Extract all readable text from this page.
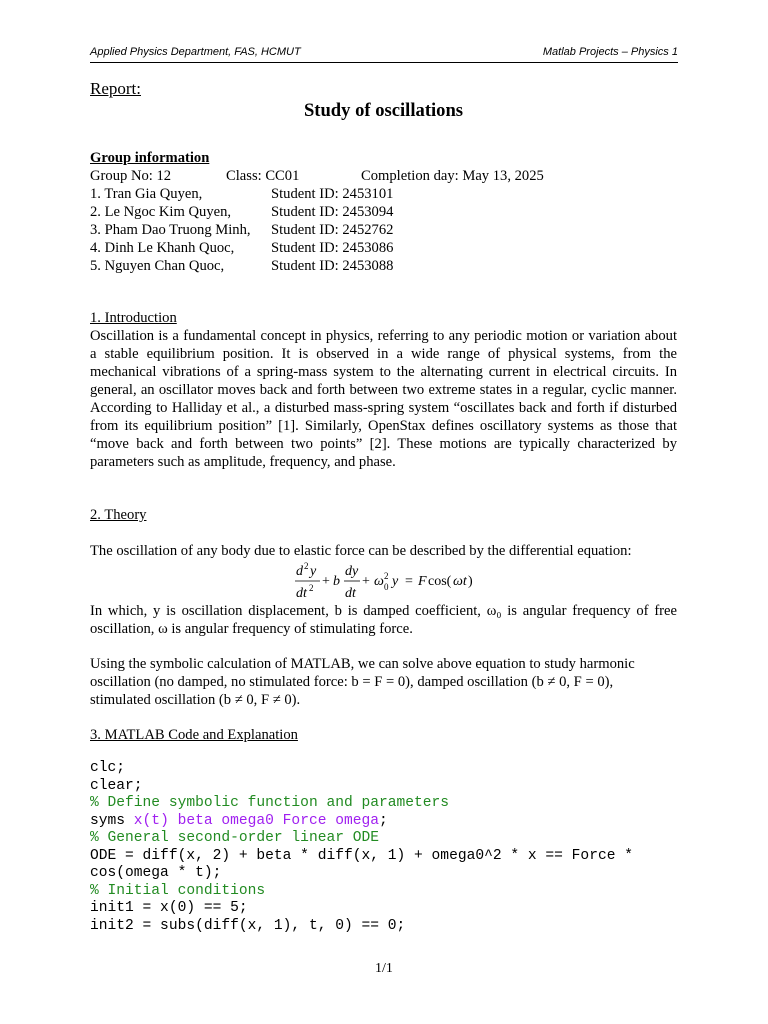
Applied Physics Department, FAS, HCMUT	Matlab Projects – Physics 1
Report:
Study of oscillations
Group information
Group No: 12	Class: CC01	Completion day: May 13, 2025
1. Tran Gia Quyen,	Student ID: 2453101
2. Le Ngoc Kim Quyen,	Student ID: 2453094
3. Pham Dao Truong Minh, Student ID: 2452762
4. Dinh Le Khanh Quoc,	Student ID: 2453086
5. Nguyen Chan Quoc,	Student ID: 2453088
1. Introduction

Oscillation is a fundamental concept in physics, referring to any periodic motion or variation about a stable equilibrium position. It is observed in a wide range of physical systems, from the mechanical vibrations of a spring-mass system to the alternating current in electrical circuits. In general, an oscillator moves back and forth between two extreme states in a regular, cyclic manner. According to Halliday et al., a disturbed mass-spring system “oscillates back and forth if disturbed from its equilibrium position” [1]. Similarly, OpenStax defines oscillatory systems as those that “move back and forth between two points” [2]. These motions are typically characterized by parameters such as amplitude, frequency, and phase.

2. Theory
The oscillation of any body due to elastic force can be described by the differential equation:
d 2 y
dt 2 + b
dy
dt
+ ω 2
0 y = F cos( ωt )

In which, y is oscillation displacement, b is damped coefficient, ω₀ is angular frequency of free oscillation, ω is angular frequency of stimulating force.

Using the symbolic calculation of MATLAB, we can solve above equation to study harmonic
oscillation (no damped, no stimulated force: b = F = 0), damped oscillation (b ≠ 0, F = 0),
stimulated oscillation (b ≠ 0, F ≠ 0).
3. MATLAB Code and Explanation
clc;
clear;
% Define symbolic function and parameters
syms x(t) beta omega0 Force omega;
% General second-order linear ODE
ODE = diff(x, 2) + beta * diff(x, 1) + omega0^2 * x == Force *
cos(omega * t);
% Initial conditions
init1 = x(0) == 5;
init2 = subs(diff(x, 1), t, 0) == 0;
1/1
